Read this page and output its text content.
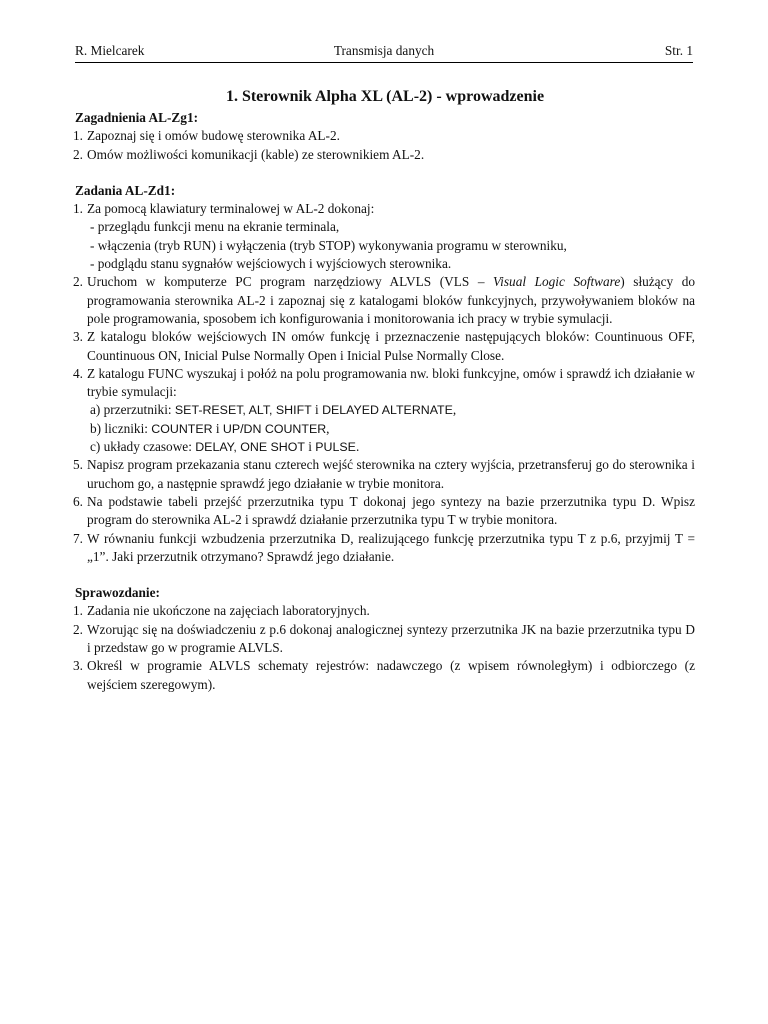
R. Mielcarek	Transmisja danych	Str. 1
1. Sterownik Alpha XL (AL-2) - wprowadzenie
Zagadnienia AL-Zg1:
1. Zapoznaj się i omów budowę sterownika AL-2.
2. Omów możliwości komunikacji (kable) ze sterownikiem AL-2.
Zadania AL-Zd1:
1. Za pomocą klawiatury terminalowej w AL-2 dokonaj:
- przeglądu funkcji menu na ekranie terminala,
- włączenia (tryb RUN) i wyłączenia (tryb STOP) wykonywania programu w sterowniku,
- podglądu stanu sygnałów wejściowych i wyjściowych sterownika.
2. Uruchom w komputerze PC program narzędziowy ALVLS (VLS – Visual Logic Software) służący do programowania sterownika AL-2 i zapoznaj się z katalogami bloków funkcyjnych, przywoływaniem bloków na pole programowania, sposobem ich konfigurowania i monitorowania ich pracy w trybie symulacji.
3. Z katalogu bloków wejściowych IN omów funkcję i przeznaczenie następujących bloków: Countinuous OFF, Countinuous ON, Inicial Pulse Normally Open i Inicial Pulse Normally Close.
4. Z katalogu FUNC wyszukaj i połóż na polu programowania nw. bloki funkcyjne, omów i sprawdź ich działanie w trybie symulacji:
a) przerzutniki: SET-RESET, ALT, SHIFT i DELAYED ALTERNATE,
b) liczniki: COUNTER i UP/DN COUNTER,
c) układy czasowe: DELAY, ONE SHOT i PULSE.
5. Napisz program przekazania stanu czterech wejść sterownika na cztery wyjścia, przetransferuj go do sterownika i uruchom go, a następnie sprawdź jego działanie w trybie monitora.
6. Na podstawie tabeli przejść przerzutnika typu T dokonaj jego syntezy na bazie przerzutnika typu D. Wpisz program do sterownika AL-2 i sprawdź działanie przerzutnika typu T w trybie monitora.
7. W równaniu funkcji wzbudzenia przerzutnika D, realizującego funkcję przerzutnika typu T z p.6, przyjmij T = „1”. Jaki przerzutnik otrzymano? Sprawdź jego działanie.
Sprawozdanie:
1. Zadania nie ukończone na zajęciach laboratoryjnych.
2. Wzorując się na doświadczeniu z p.6 dokonaj analogicznej syntezy przerzutnika JK na bazie przerzutnika typu D i przedstaw go w programie ALVLS.
3. Określ w programie ALVLS schematy rejestrów: nadawczego (z wpisem równoległym) i odbiorczego (z wejściem szeregowym).
